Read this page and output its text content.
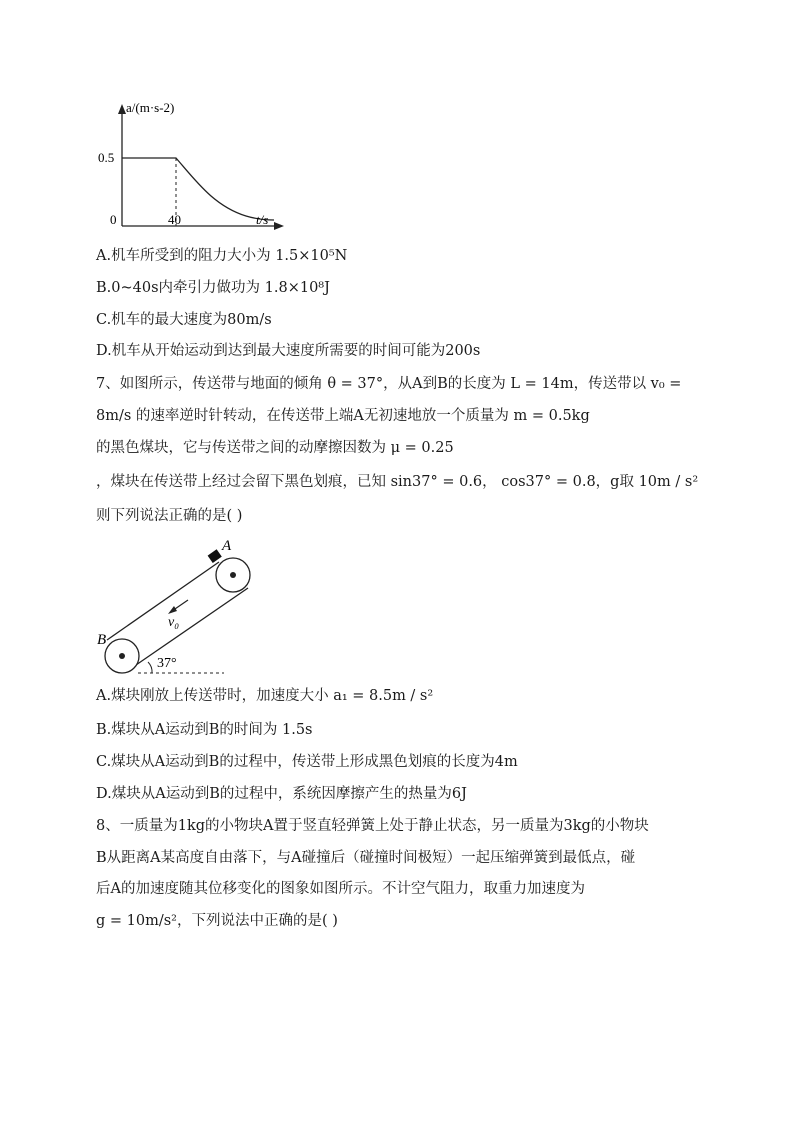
a/(m·s-2)
0.5
0	40	t/s
A.机车所受到的阻力大小为 1.5×10⁵N
B.0~40s内牵引力做功为 1.8×10⁸J
C.机车的最大速度为80m/s
D.机车从开始运动到达到最大速度所需要的时间可能为200s
7、如图所示，传送带与地面的倾角 θ = 37°，从A到B的长度为 L = 14m，传送带以 v₀ =
8m/s 的速率逆时针转动，在传送带上端A无初速地放一个质量为 m = 0.5kg
的黑色煤块，它与传送带之间的动摩擦因数为 μ = 0.25
，煤块在传送带上经过会留下黑色划痕，已知 sin37° = 0.6， cos37° = 0.8，g取 10m / s²
则下列说法正确的是( )
A
B
v₀
37°
A.煤块刚放上传送带时，加速度大小 a₁ = 8.5m / s²
B.煤块从A运动到B的时间为 1.5s
C.煤块从A运动到B的过程中，传送带上形成黑色划痕的长度为4m
D.煤块从A运动到B的过程中，系统因摩擦产生的热量为6J
8、一质量为1kg的小物块A置于竖直轻弹簧上处于静止状态，另一质量为3kg的小物块
B从距离A某高度自由落下，与A碰撞后（碰撞时间极短）一起压缩弹簧到最低点，碰
后A的加速度随其位移变化的图象如图所示。不计空气阻力，取重力加速度为
g = 10m/s²，下列说法中正确的是( )
